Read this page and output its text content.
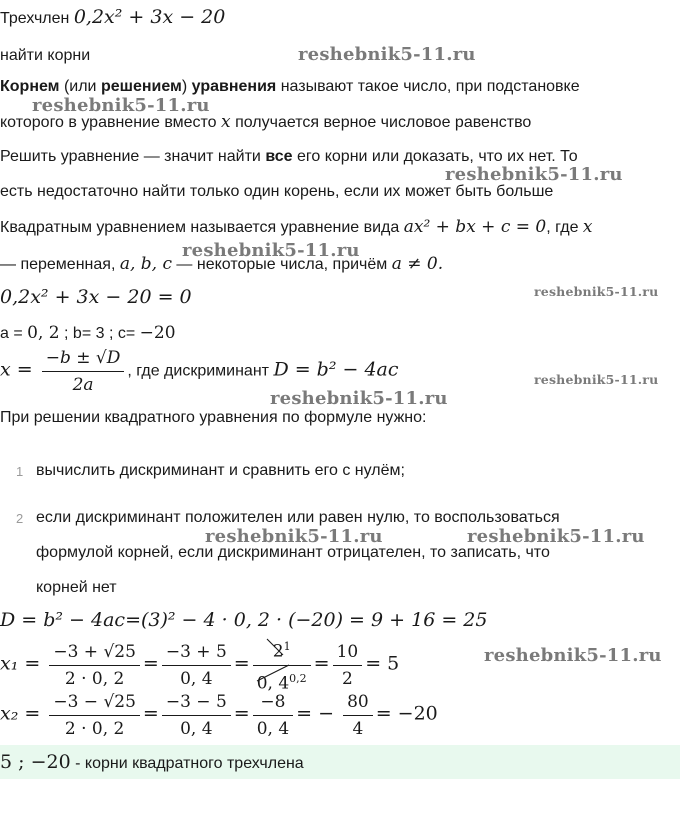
Трехчлен 0,2x² + 3x − 20
найти корни
Корнем (или решением) уравнения называют такое число, при подстановке
которого в уравнение вместо x получается верное числовое равенство
Решить уравнение — значит найти все его корни или доказать, что их нет. То
есть недостаточно найти только один корень, если их может быть больше
Квадратным уравнением называется уравнение вида ax² + bx + c = 0, где x
— переменная, a, b, c — некоторые числа, причём a ≠ 0.
0,2x² + 3x − 20 = 0
a = 0, 2 ; b= 3 ; c= −20
$x = \frac{-b \pm √D}{2a}$ , где дискриминант D = b² − 4ac
При решении квадратного уравнения по формуле нужно:
1 вычислить дискриминант и сравнить его с нулём;
2 если дискриминант положителен или равен нулю, то воспользоваться
формулой корней, если дискриминант отрицателен, то записать, что
корней нет
D = b² − 4ac=(3)² − 4 · 0, 2 · (−20) = 9 + 16 = 25
$x_1 = \frac{-3 + √25}{2 \cdot 0, 2} = \frac{-3 + 5}{0, 4} = \frac{2^1}{0, 4^{0,2}} = \frac{10}{2} = 5$
$x_2 = \frac{-3 - √25}{2 \cdot 0, 2} = \frac{-3 - 5}{0, 4} = \frac{-8}{0, 4}$ = − $\frac{80}{4} = -20$
5 ; −20 - корни квадратного трехчлена
reshebnik5-11.ru
reshebnik5-11.ru
reshebnik5-11.ru
reshebnik5-11.ru
reshebnik5-11.ru
reshebnik5-11.ru
reshebnik5-11.ru
reshebnik5-11.ru	reshebnik5-11.ru
reshebnik5-11.ru
